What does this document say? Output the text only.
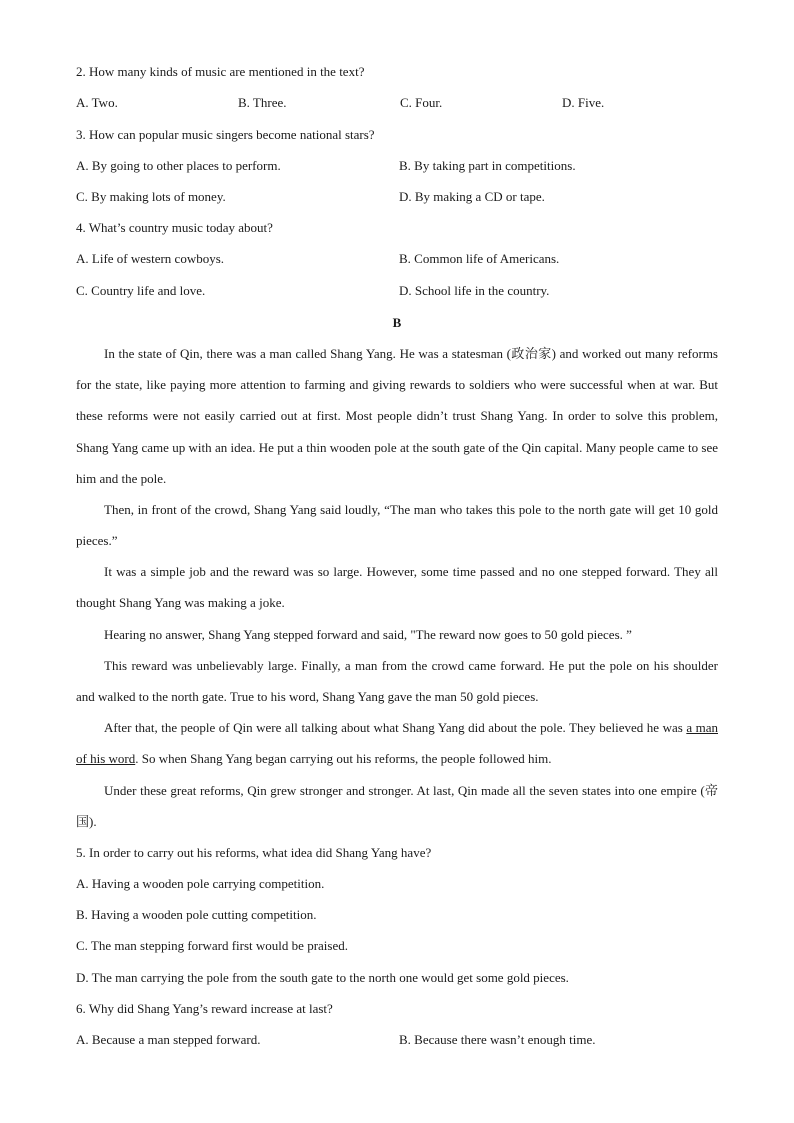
2. How many kinds of music are mentioned in the text?
A. Two.	B. Three.	C. Four.	D. Five.
3. How can popular music singers become national stars?
A. By going to other places to perform.	B. By taking part in competitions.
C. By making lots of money.	D. By making a CD or tape.
4. What’s country music today about?
A. Life of western cowboys.	B. Common life of Americans.
C. Country life and love.	D. School life in the country.
B
In the state of Qin, there was a man called Shang Yang. He was a statesman (政治家) and worked out many reforms for the state, like paying more attention to farming and giving rewards to soldiers who were successful when at war. But these reforms were not easily carried out at first. Most people didn’t trust Shang Yang. In order to solve this problem, Shang Yang came up with an idea. He put a thin wooden pole at the south gate of the Qin capital. Many people came to see him and the pole.
Then, in front of the crowd, Shang Yang said loudly, “The man who takes this pole to the north gate will get 10 gold pieces.”
It was a simple job and the reward was so large. However, some time passed and no one stepped forward. They all thought Shang Yang was making a joke.
Hearing no answer, Shang Yang stepped forward and said, "The reward now goes to 50 gold pieces. ”
This reward was unbelievably large. Finally, a man from the crowd came forward. He put the pole on his shoulder and walked to the north gate. True to his word, Shang Yang gave the man 50 gold pieces.
After that, the people of Qin were all talking about what Shang Yang did about the pole. They believed he was a man of his word. So when Shang Yang began carrying out his reforms, the people followed him.
Under these great reforms, Qin grew stronger and stronger. At last, Qin made all the seven states into one empire (帝国).
5. In order to carry out his reforms, what idea did Shang Yang have?
A. Having a wooden pole carrying competition.
B. Having a wooden pole cutting competition.
C. The man stepping forward first would be praised.
D. The man carrying the pole from the south gate to the north one would get some gold pieces.
6. Why did Shang Yang’s reward increase at last?
A. Because a man stepped forward.	B. Because there wasn’t enough time.
